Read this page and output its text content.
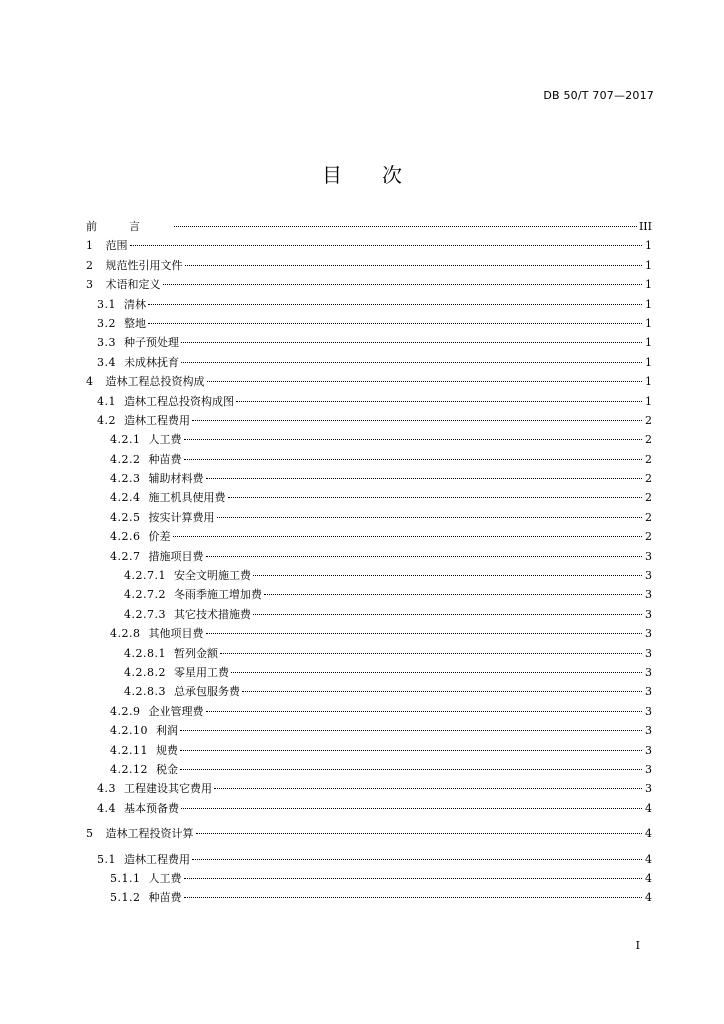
DB 50/T 707—2017
目次
前言	III
1 范围	1
2 规范性引用文件	1
3 术语和定义	1
3.1 清林	1
3.2 整地	1
3.3 种子预处理	1
3.4 未成林抚育	1
4 造林工程总投资构成	1
4.1 造林工程总投资构成图	1
4.2 造林工程费用	2
4.2.1 人工费	2
4.2.2 种苗费	2
4.2.3 辅助材料费	2
4.2.4 施工机具使用费	2
4.2.5 按实计算费用	2
4.2.6 价差	2
4.2.7 措施项目费	3
4.2.7.1 安全文明施工费	3
4.2.7.2 冬雨季施工增加费	3
4.2.7.3 其它技术措施费	3
4.2.8 其他项目费	3
4.2.8.1 暂列金额	3
4.2.8.2 零星用工费	3
4.2.8.3 总承包服务费	3
4.2.9 企业管理费	3
4.2.10 利润	3
4.2.11 规费	3
4.2.12 税金	3
4.3 工程建设其它费用	3
4.4 基本预备费	4
5 造林工程投资计算	4
5.1 造林工程费用	4
5.1.1 人工费	4
5.1.2 种苗费	4
I
